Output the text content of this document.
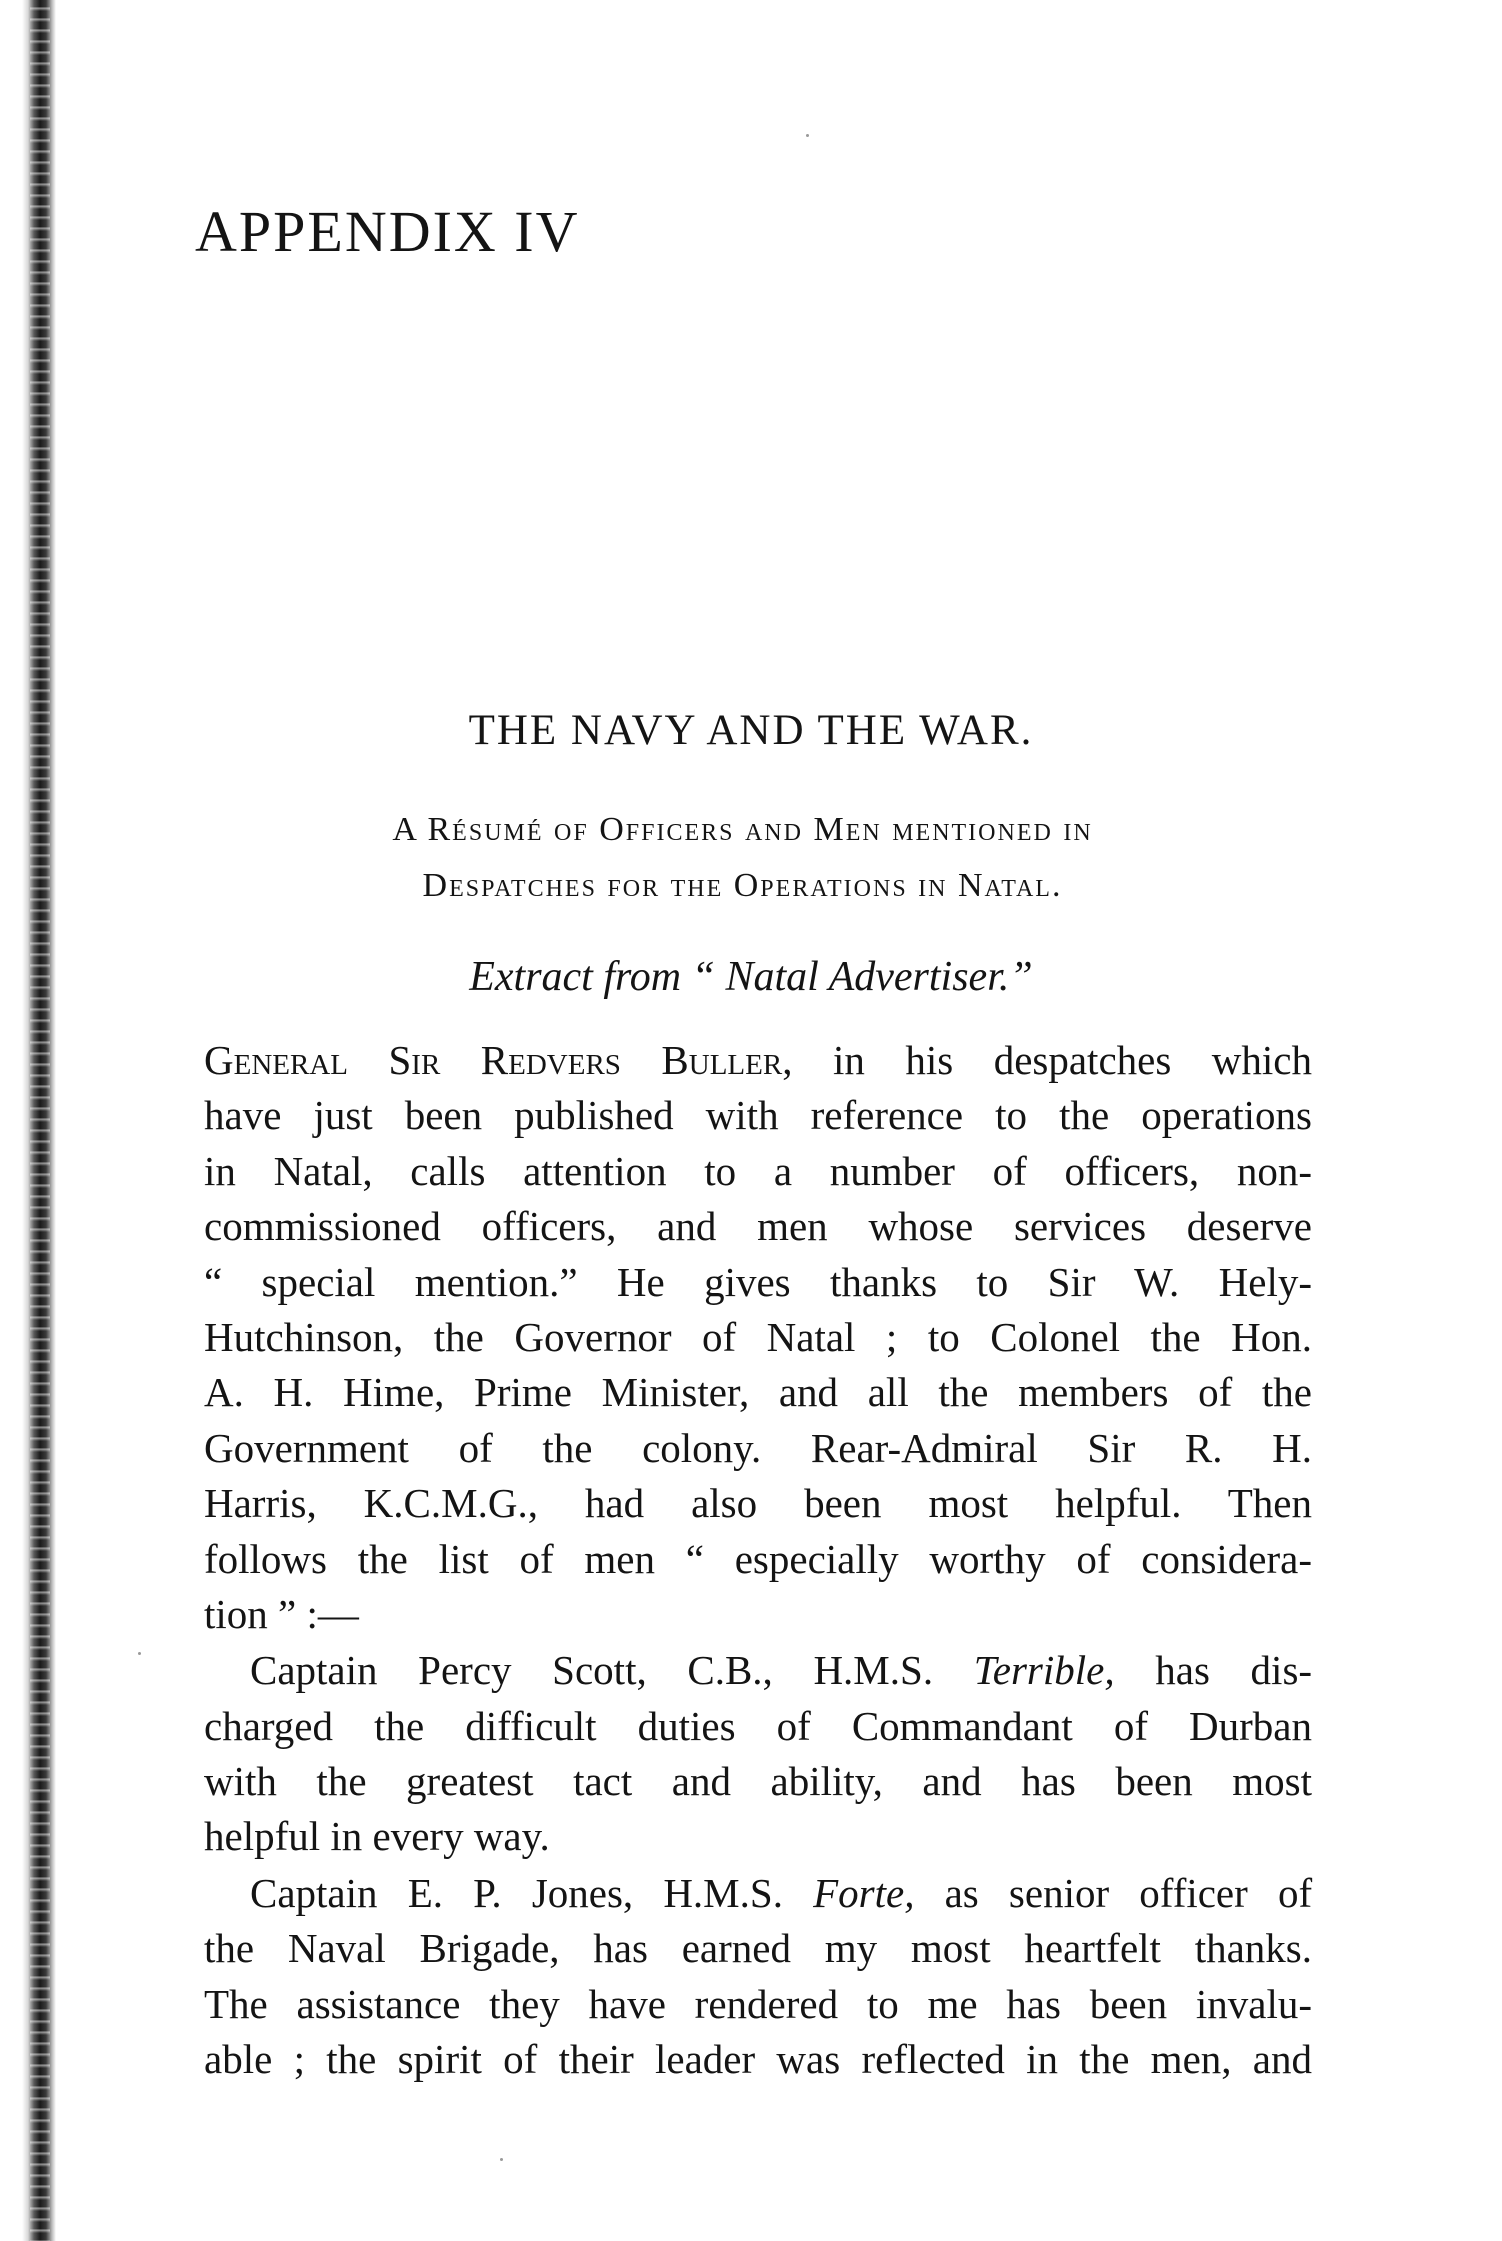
APPENDIX IV
THE NAVY AND THE WAR.
A Résumé of Officers and Men mentioned in
Despatches for the Operations in Natal.
Extract from “ Natal Advertiser.”
General Sir Redvers Buller, in his despatches which
have just been published with reference to the operations
in Natal, calls attention to a number of officers, non-
commissioned officers, and men whose services deserve
“ special mention.” He gives thanks to Sir W. Hely-
Hutchinson, the Governor of Natal ; to Colonel the Hon.
A. H. Hime, Prime Minister, and all the members of the
Government of the colony. Rear-Admiral Sir R. H.
Harris, K.C.M.G., had also been most helpful. Then
follows the list of men “ especially worthy of considera-
tion ” :—
Captain Percy Scott, C.B., H.M.S. Terrible, has dis-
charged the difficult duties of Commandant of Durban
with the greatest tact and ability, and has been most
helpful in every way.
Captain E. P. Jones, H.M.S. Forte, as senior officer of
the Naval Brigade, has earned my most heartfelt thanks.
The assistance they have rendered to me has been invalu-
able ; the spirit of their leader was reflected in the men, and
